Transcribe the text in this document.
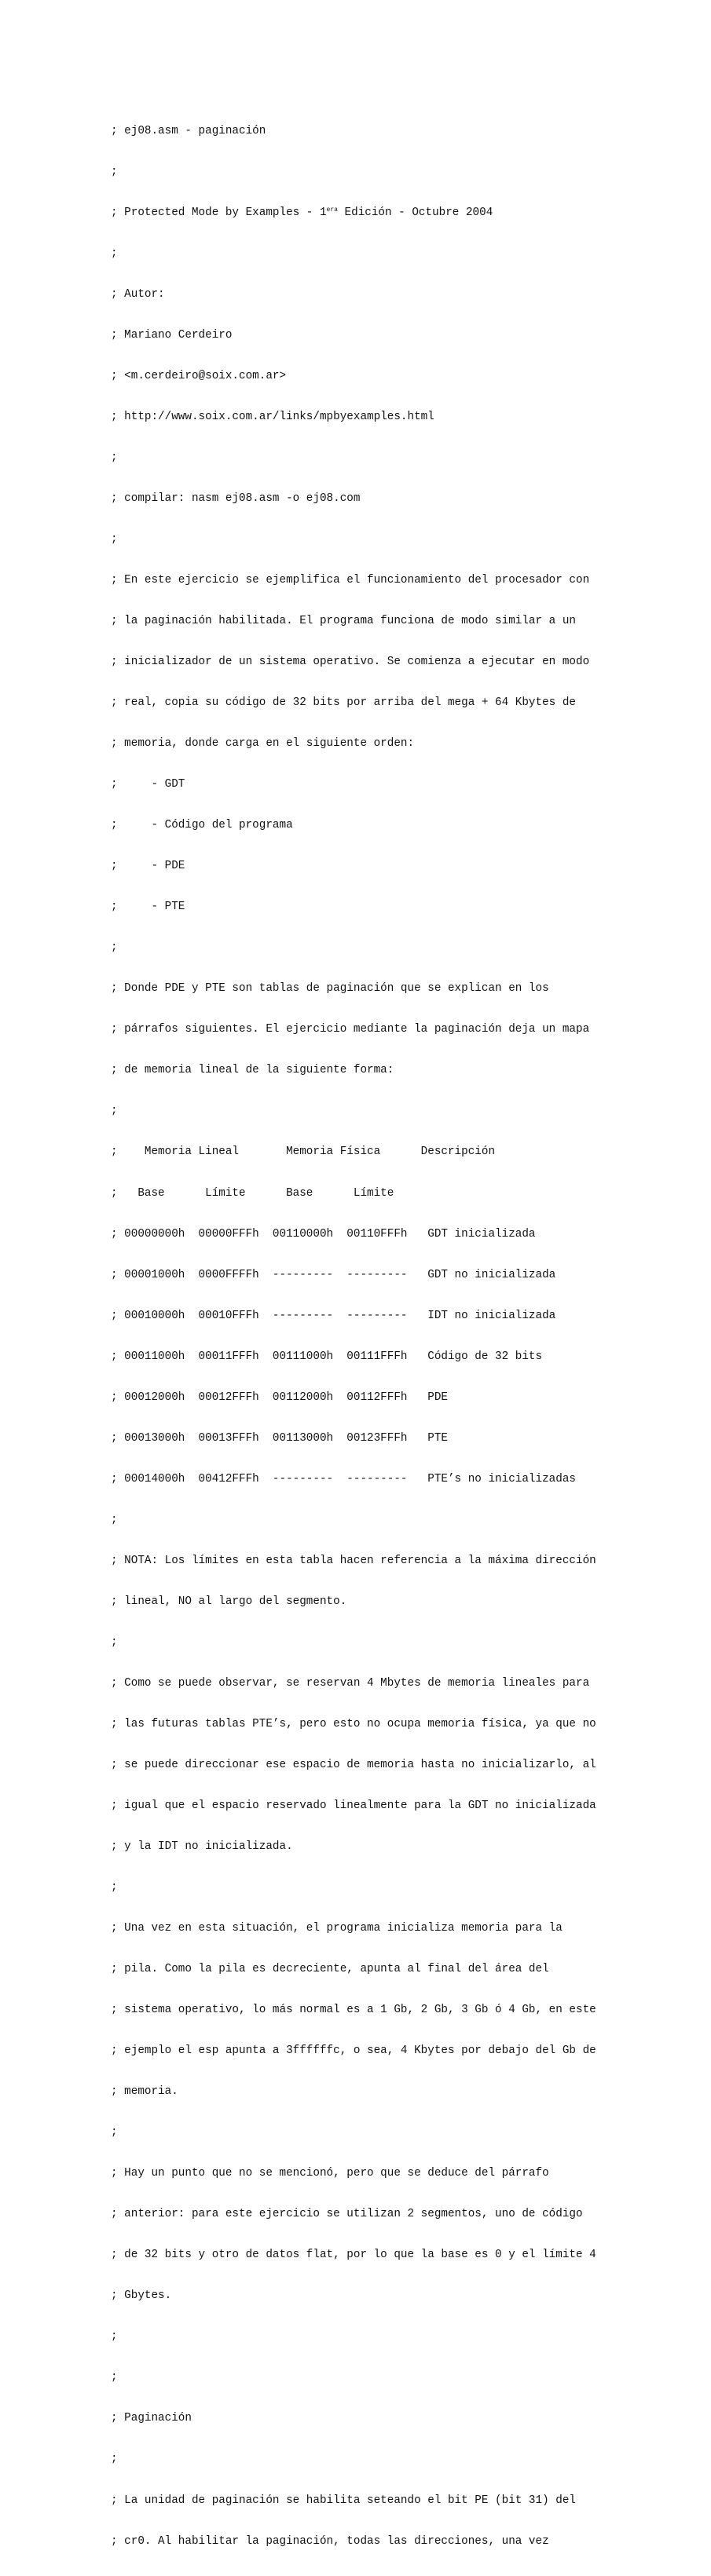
; ej08.asm - paginación

;

; Protected Mode by Examples - $1^{era}$ Edición - Octubre 2004

;

; Autor:

; Mariano Cerdeiro

; <m.cerdeiro@soix.com.ar>

; http://www.soix.com.ar/links/mpbyexamples.html

;

; compilar: nasm ej08.asm -o ej08.com

;

; En este ejercicio se ejemplifica el funcionamiento del procesador con

; la paginación habilitada. El programa funciona de modo similar a un

; inicializador de un sistema operativo. Se comienza a ejecutar en modo

; real, copia su código de 32 bits por arriba del mega + 64 Kbytes de

; memoria, donde carga en el siguiente orden:

;     - GDT

;     - Código del programa

;     - PDE

;     - PTE

;

; Donde PDE y PTE son tablas de paginación que se explican en los

; párrafos siguientes. El ejercicio mediante la paginación deja un mapa

; de memoria lineal de la siguiente forma:

;

;    Memoria Lineal       Memoria Física      Descripción

;   Base      Límite      Base      Límite

; 00000000h  00000FFFh  00110000h  00110FFFh   GDT inicializada

; 00001000h  0000FFFFh  ---------  ---------   GDT no inicializada

; 00010000h  00010FFFh  ---------  ---------   IDT no inicializada

; 00011000h  00011FFFh  00111000h  00111FFFh   Código de 32 bits

; 00012000h  00012FFFh  00112000h  00112FFFh   PDE

; 00013000h  00013FFFh  00113000h  00123FFFh   PTE

; 00014000h  00412FFFh  ---------  ---------   PTE’s no inicializadas

;

; NOTA: Los límites en esta tabla hacen referencia a la máxima dirección

; lineal, NO al largo del segmento.

;

; Como se puede observar, se reservan 4 Mbytes de memoria lineales para

; las futuras tablas PTE’s, pero esto no ocupa memoria física, ya que no

; se puede direccionar ese espacio de memoria hasta no inicializarlo, al

; igual que el espacio reservado linealmente para la GDT no inicializada

; y la IDT no inicializada.

;

; Una vez en esta situación, el programa inicializa memoria para la

; pila. Como la pila es decreciente, apunta al final del área del

; sistema operativo, lo más normal es a 1 Gb, 2 Gb, 3 Gb ó 4 Gb, en este

; ejemplo el esp apunta a 3ffffffc, o sea, 4 Kbytes por debajo del Gb de

; memoria.

;

; Hay un punto que no se mencionó, pero que se deduce del párrafo

; anterior: para este ejercicio se utilizan 2 segmentos, uno de código

; de 32 bits y otro de datos flat, por lo que la base es 0 y el límite 4

; Gbytes.

;

;

; Paginación

;

; La unidad de paginación se habilita seteando el bit PE (bit 31) del

; cr0. Al habilitar la paginación, todas las direcciones, una vez
